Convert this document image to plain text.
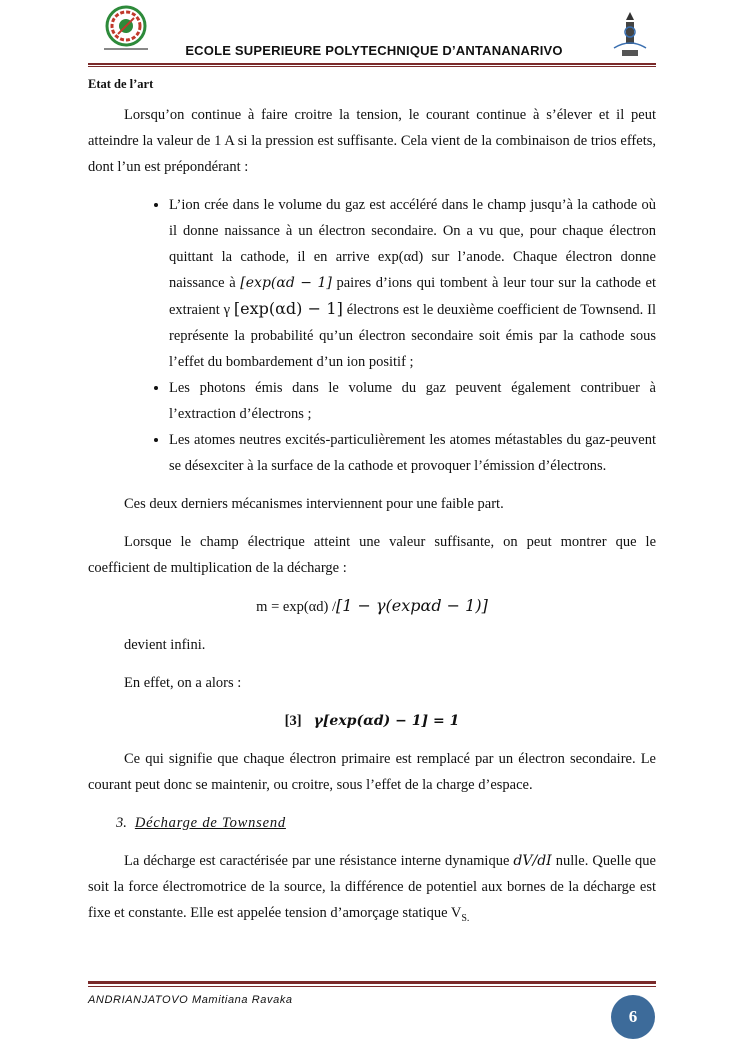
ECOLE SUPERIEURE POLYTECHNIQUE D’ANTANANARIVO
Etat de l’art

Lorsqu’on continue à faire croitre la tension, le courant continue à s’élever et il peut atteindre la valeur de 1 A si la pression est suffisante. Cela vient de la combinaison de trios effets, dont l’un est prépondérant :

• L’ion crée dans le volume du gaz est accéléré dans le champ jusqu’à la cathode où il donne naissance à un électron secondaire. On a vu que, pour chaque électron quittant la cathode, il en arrive exp(αd) sur l’anode. Chaque électron donne naissance à [exp(αd − 1] paires d’ions qui tombent à leur tour sur la cathode et extraient γ [exp(αd) − 1] électrons est le deuxième coefficient de Townsend. Il représente la probabilité qu’un électron secondaire soit émis par la cathode sous l’effet du bombardement d’un ion positif ;
• Les photons émis dans le volume du gaz peuvent également contribuer à l’extraction d’électrons ;
• Les atomes neutres excités-particulièrement les atomes métastables du gaz-peuvent se désexciter à la surface de la cathode et provoquer l’émission d’électrons.

Ces deux derniers mécanismes interviennent pour une faible part.

Lorsque le champ électrique atteint une valeur suffisante, on peut montrer que le coefficient de multiplication de la décharge :

m = exp(αd) /[1 − γ(expαd − 1)]

devient infini.

En effet, on a alors :

[3] γ[exp(αd) − 1] = 1

Ce qui signifie que chaque électron primaire est remplacé par un électron secondaire. Le courant peut donc se maintenir, ou croitre, sous l’effet de la charge d’espace.

3. Décharge de Townsend

La décharge est caractérisée par une résistance interne dynamique dV/dI nulle. Quelle que soit la force électromotrice de la source, la différence de potentiel aux bornes de la décharge est fixe et constante. Elle est appelée tension d’amorçage statique $V_{S.}$

ANDRIANJATOVO Mamitiana Ravaka
6
